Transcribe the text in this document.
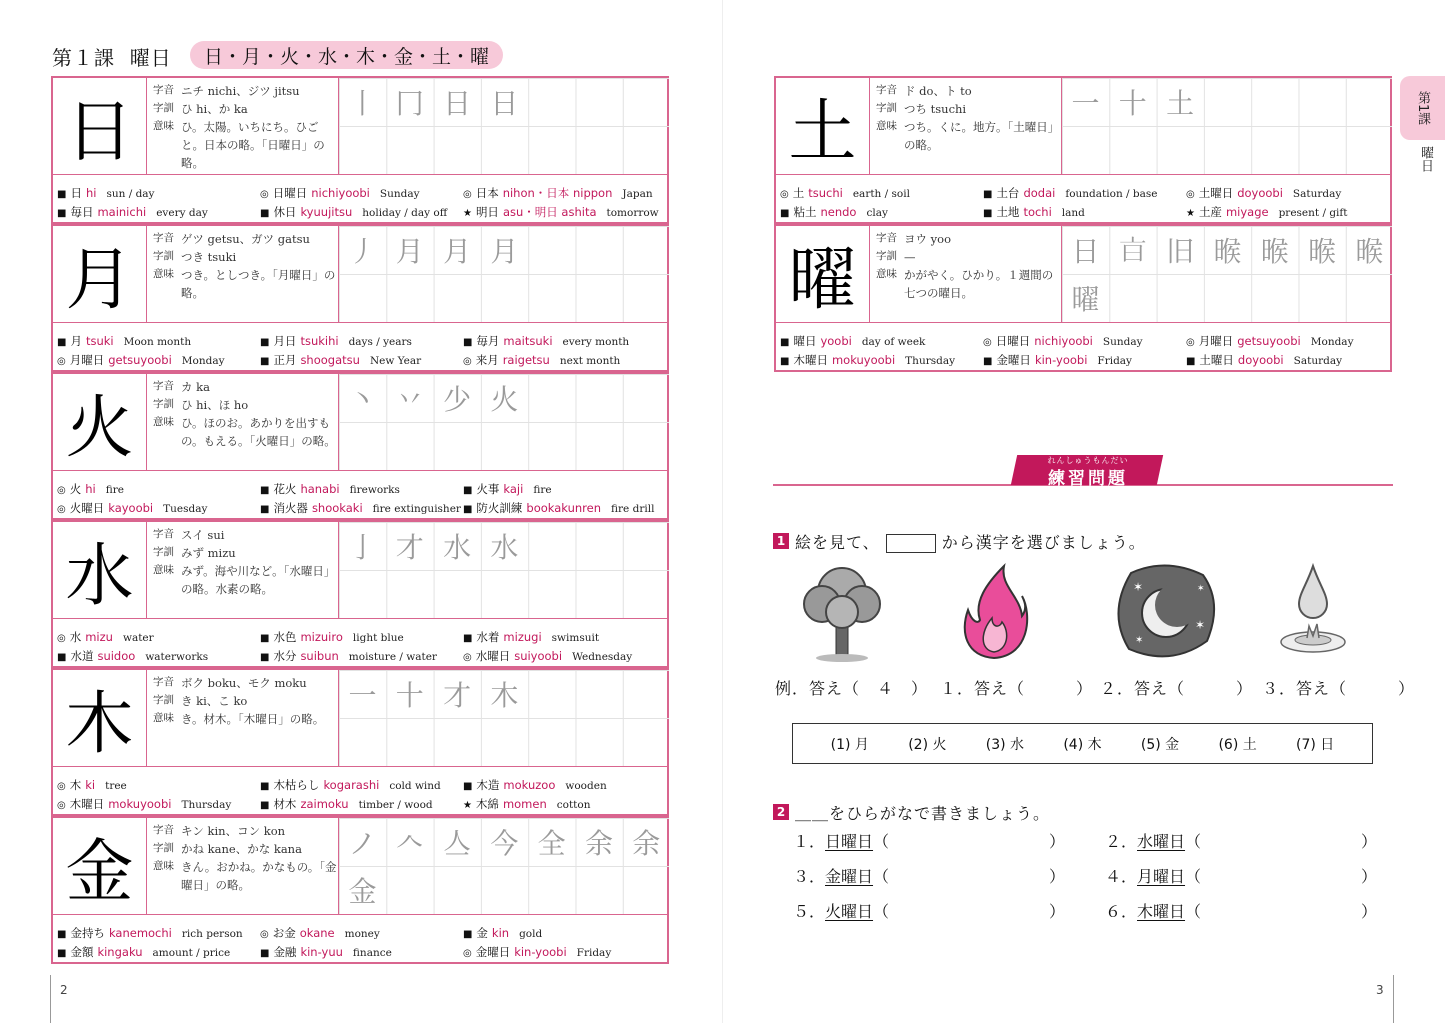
第１課 曜日	日・月・火・水・木・金・土・曜
日
字音 ニチ nichi、ジツ jitsu
字訓 ひ hi、か ka
意味 ひ。太陽。いちにち。ひごと。日本の略。「日曜日」の略。
丨 冂 日 日
■ 日 hi sun / day	◎ 日曜日 nichiyoobi Sunday	◎ 日本 nihon・日本 nippon Japan
■ 毎日 mainichi every day	■ 休日 kyuujitsu holiday / day off ★ 明日 asu・明日 ashita tomorrow
月
字音 ゲツ getsu、ガツ gatsu
字訓 つき tsuki
意味 つき。としつき。「月曜日」の略。
丿 月 月 月
■ 月 tsuki Moon month	■ 月日 tsukihi days / years	■ 毎月 maitsuki every month
◎ 月曜日 getsuyoobi Monday	■ 正月 shoogatsu New Year	◎ 来月 raigetsu next month
火
字音 カ ka
字訓 ひ hi、ほ ho
意味 ひ。ほのお。あかりを出すもの。もえる。「火曜日」の略。
丶 丷 少 火
◎ 火 hi fire	■ 花火 hanabi fireworks	■ 火事 kaji fire
◎ 火曜日 kayoobi Tuesday	■ 消火器 shookaki fire extinguisher ■ 防火訓練 bookakunren fire drill
水
字音 スイ sui
字訓 みず mizu
意味 みず。海や川など。「水曜日」の略。水素の略。
亅 才 水 水
◎ 水 mizu water	■ 水色 mizuiro light blue	■ 水着 mizugi swimsuit
■ 水道 suidoo waterworks	■ 水分 suibun moisture / water	◎ 水曜日 suiyoobi Wednesday
木
字音 ボク boku、モク moku
字訓 き ki、こ ko
意味 き。材木。「木曜日」の略。
一 十 才 木
◎ 木 ki tree	■ 木枯らし kogarashi cold wind ■ 木造 mokuzoo wooden
◎ 木曜日 mokuyoobi Thursday	■ 材木 zaimoku timber / wood	★ 木綿 momen cotton
金
字音 キン kin、コン kon
字訓 かね kane、かな kana
意味 きん。おかね。かなもの。「金曜日」の略。
ノ 𠆢 亼 今 全 余 余
金
■ 金持ち kanemochi rich person ◎ お金 okane money	■ 金 kin gold
■ 金額 kingaku amount / price	■ 金融 kin-yuu finance	◎ 金曜日 kin-yoobi Friday
土
字音 ド do、ト to
字訓 つち tsuchi
意味 つち。くに。地方。「土曜日」の略。
一 十 土
◎ 土 tsuchi earth / soil	■ 土台 dodai foundation / base	◎ 土曜日 doyoobi Saturday
■ 粘土 nendo clay	■ 土地 tochi land	★ 土産 miyage present / gift
曜
字音 ヨウ yoo
字訓 —
意味 かがやく。ひかり。１週間の七つの曜日。
日 𣅀 旧 㬋 㬋 㬋 㬋
曜
■ 曜日 yoobi day of week	◎ 日曜日 nichiyoobi Sunday	◎ 月曜日 getsuyoobi Monday
■ 木曜日 mokuyoobi Thursday	■ 金曜日 kin-yoobi Friday	■ 土曜日 doyoobi Saturday
第1課
曜日
れんしゅうもんだい
練習問題
1 絵を見て、	から漢字を選びましょう。
✶
✶
✶
✶
例．答え（　４　） １．答え（　　　） ２．答え（　　　） ３．答え（　　　）
(1) 月	(2) 火	(3) 水	(4) 木	(5) 金	(6) 土	(7) 日
2 ＿＿をひらがなで書きましょう。
１．日曜日（　　　　　　　　　　） ２．水曜日（　　　　　　　　　　）
３．金曜日（　　　　　　　　　　） ４．月曜日（　　　　　　　　　　）
５．火曜日（　　　　　　　　　　） ６．木曜日（　　　　　　　　　　）
2	3
